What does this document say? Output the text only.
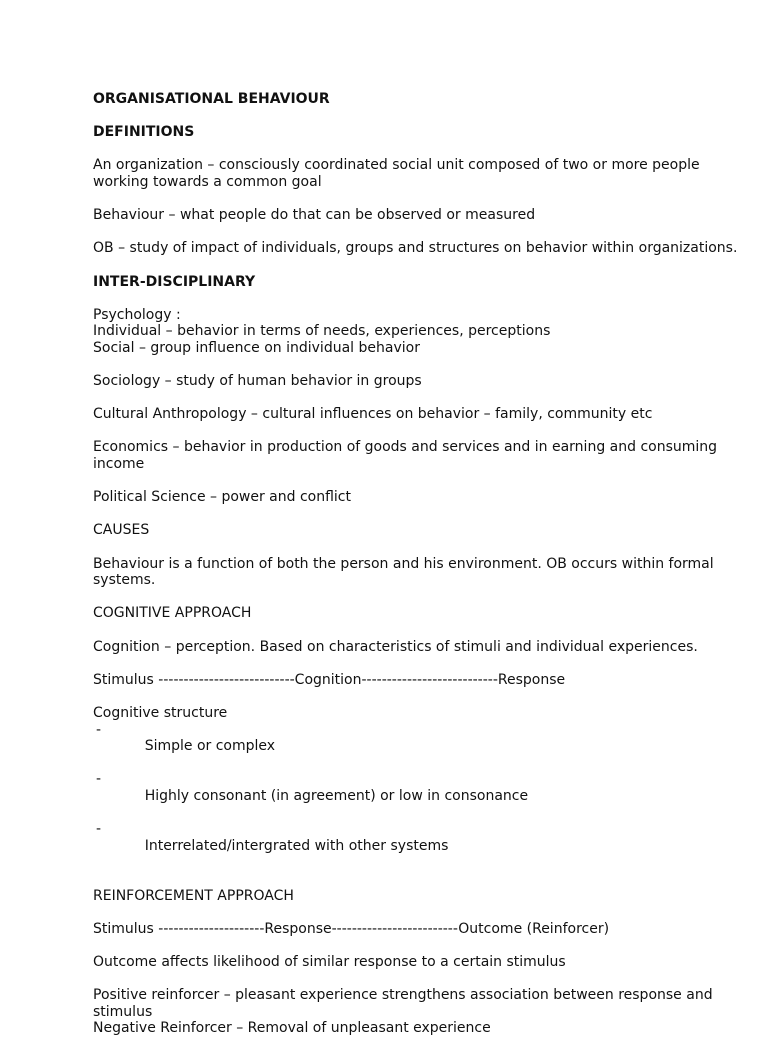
ORGANISATIONAL BEHAVIOUR
DEFINITIONS
An organization – consciously coordinated social unit composed of two or more people working towards a common goal
Behaviour – what people do that can be observed or measured
OB – study of impact of individuals, groups and structures on behavior within organizations.
INTER-DISCIPLINARY
Psychology :
Individual – behavior in terms of needs, experiences, perceptions
Social – group influence on individual behavior
Sociology – study of human behavior in groups
Cultural Anthropology – cultural influences on behavior – family, community etc
Economics – behavior in production of goods and services and in earning and consuming income
Political Science – power and conflict
CAUSES
Behaviour is a function of both the person and his environment. OB occurs within formal systems.
COGNITIVE APPROACH
Cognition – perception. Based on characteristics of stimuli and individual experiences.
Stimulus ---------------------------Cognition---------------------------Response
Cognitive structure

-
Simple or complex

-
Highly consonant (in agreement) or low in consonance

-
Interrelated/intergrated with other systems

REINFORCEMENT APPROACH
Stimulus ---------------------Response-------------------------Outcome (Reinforcer)
Outcome affects likelihood of similar response to a certain stimulus
Positive reinforcer – pleasant experience strengthens association between response and stimulus
Negative Reinforcer – Removal of unpleasant experience
